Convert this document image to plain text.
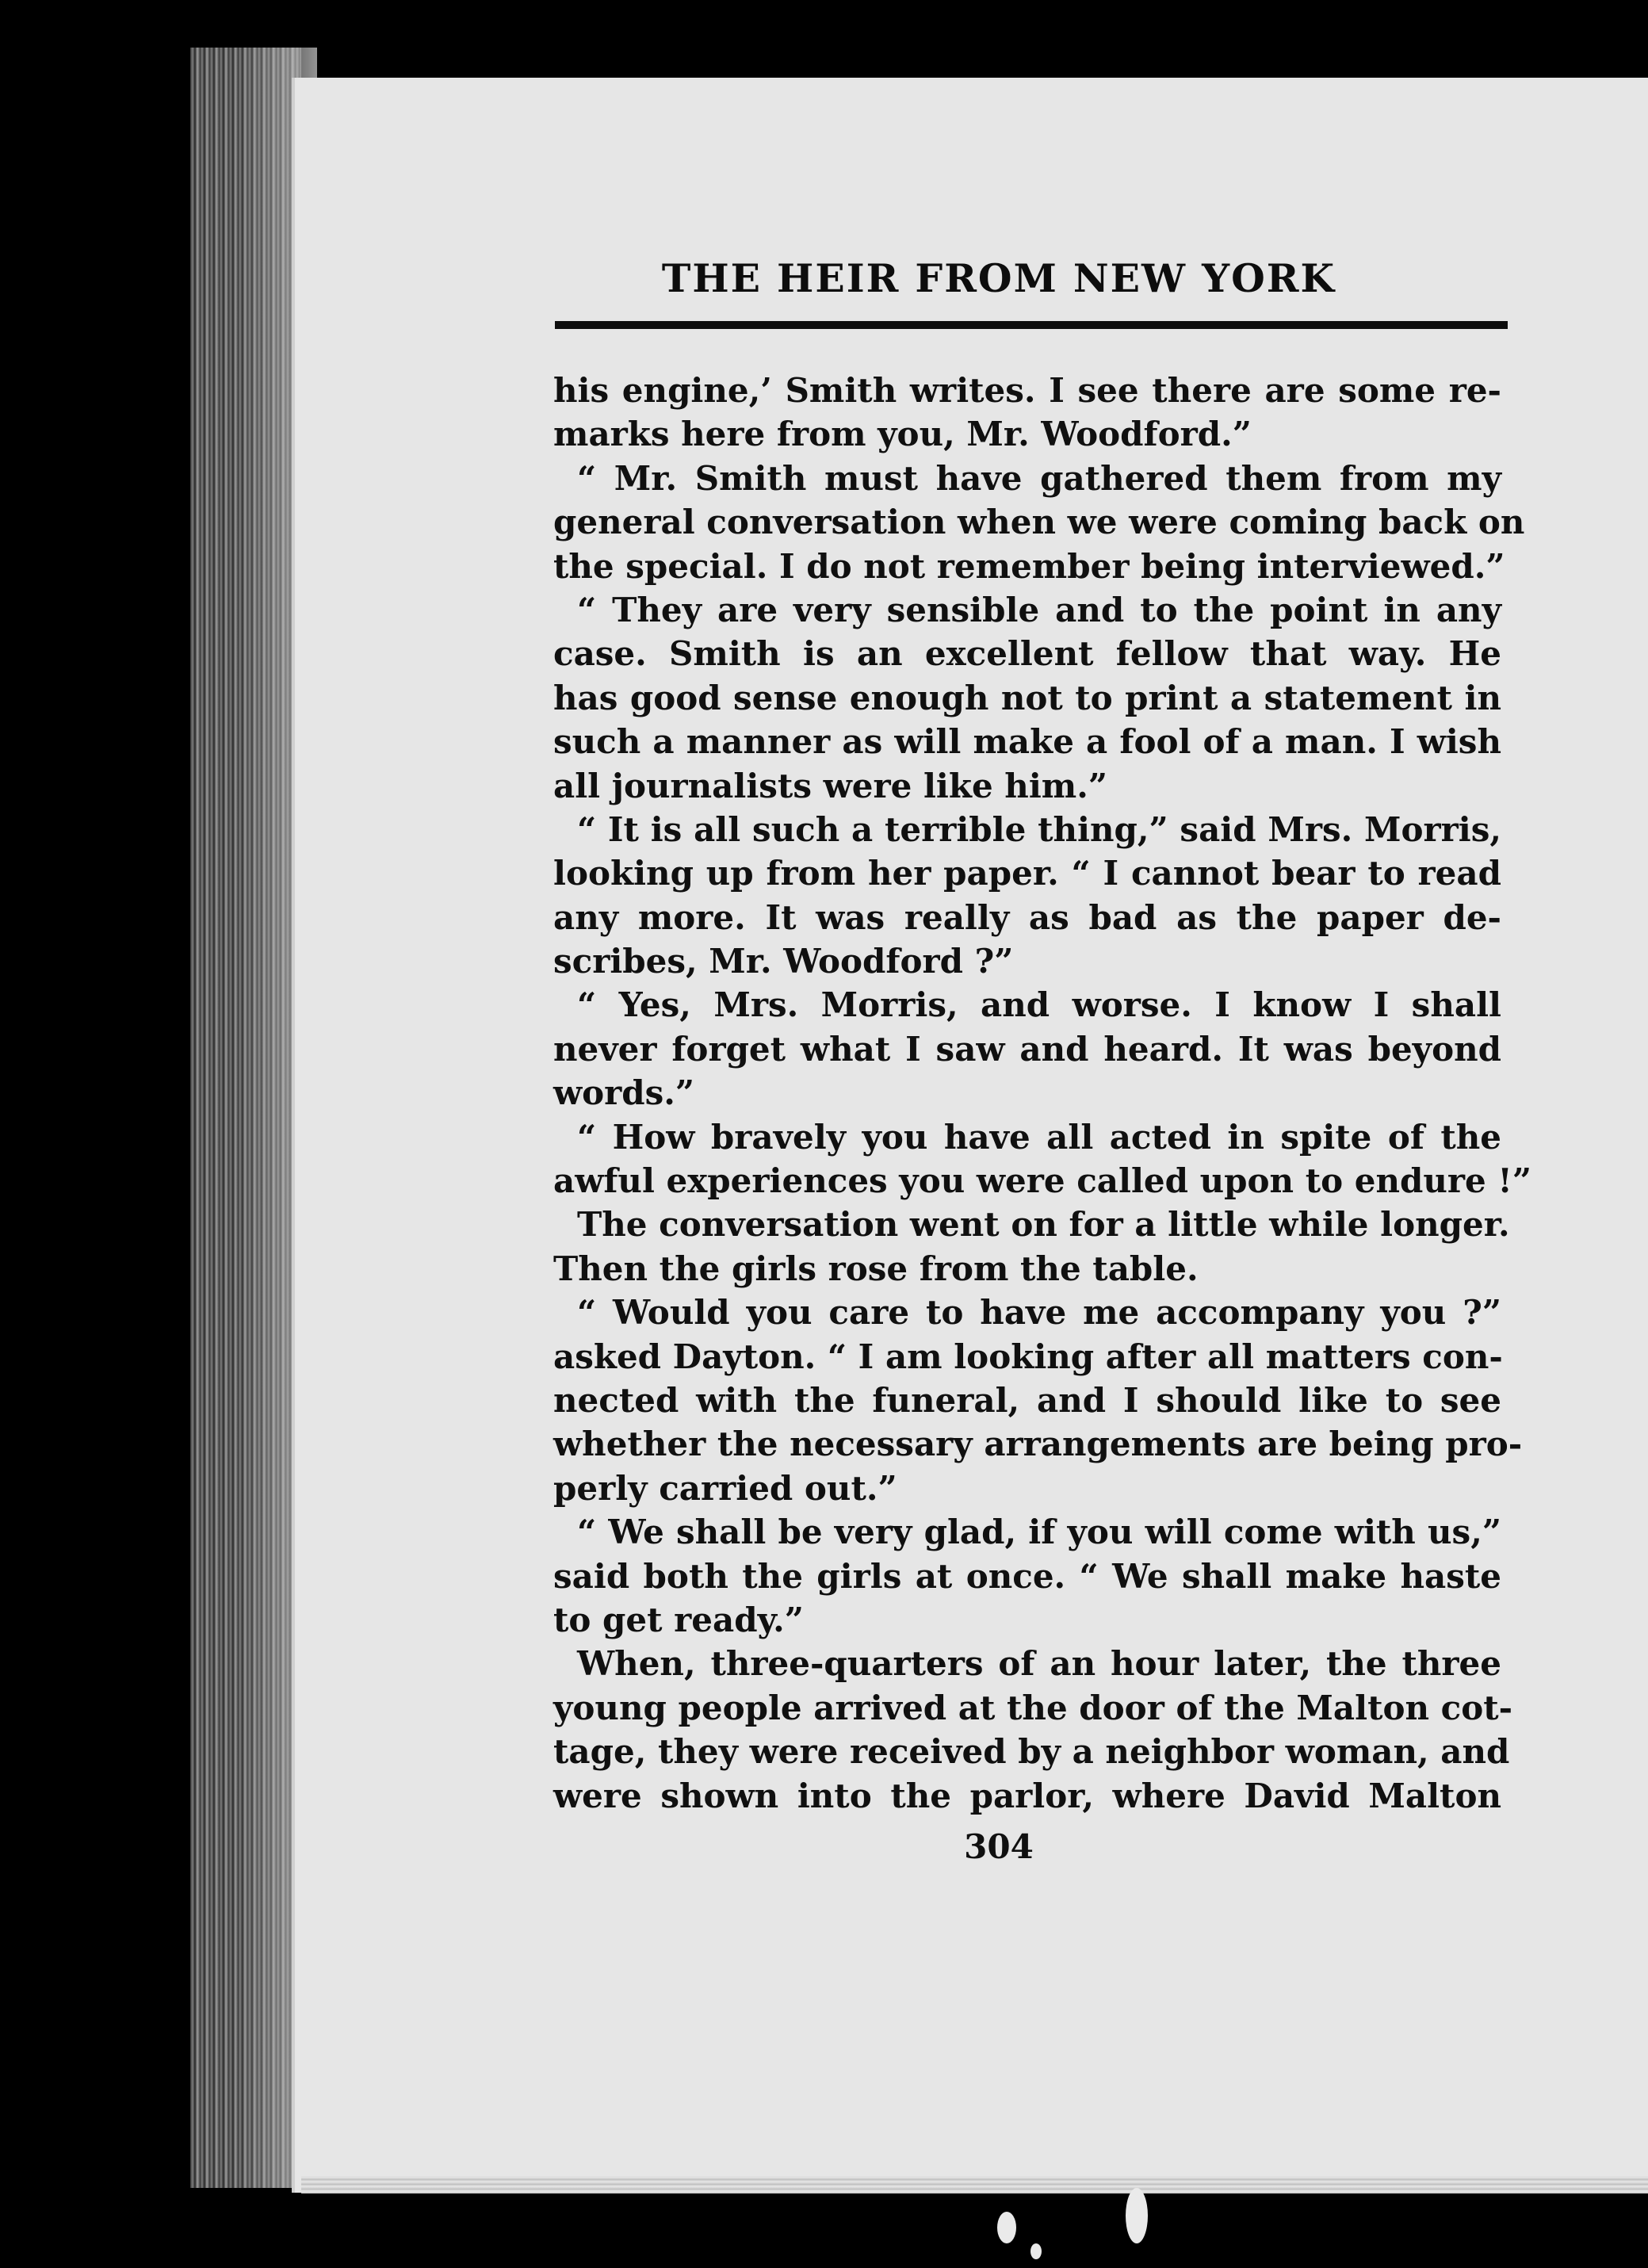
THE HEIR FROM NEW YORK
his engine,’ Smith writes. I see there are some re-
marks here from you, Mr. Woodford.”
“ Mr. Smith must have gathered them from my
general conversation when we were coming back on
the special. I do not remember being interviewed.”
“ They are very sensible and to the point in any
case. Smith is an excellent fellow that way. He
has good sense enough not to print a statement in
such a manner as will make a fool of a man. I wish
all journalists were like him.”
“ It is all such a terrible thing,” said Mrs. Morris,
looking up from her paper. “ I cannot bear to read
any more. It was really as bad as the paper de-
scribes, Mr. Woodford ?”
“ Yes, Mrs. Morris, and worse. I know I shall
never forget what I saw and heard. It was beyond
words.”
“ How bravely you have all acted in spite of the
awful experiences you were called upon to endure !”
The conversation went on for a little while longer.
Then the girls rose from the table.
“ Would you care to have me accompany you ?”
asked Dayton. “ I am looking after all matters con-
nected with the funeral, and I should like to see
whether the necessary arrangements are being pro-
perly carried out.”
“ We shall be very glad, if you will come with us,”
said both the girls at once. “ We shall make haste
to get ready.”
When, three-quarters of an hour later, the three
young people arrived at the door of the Malton cot-
tage, they were received by a neighbor woman, and
were shown into the parlor, where David Malton
304
